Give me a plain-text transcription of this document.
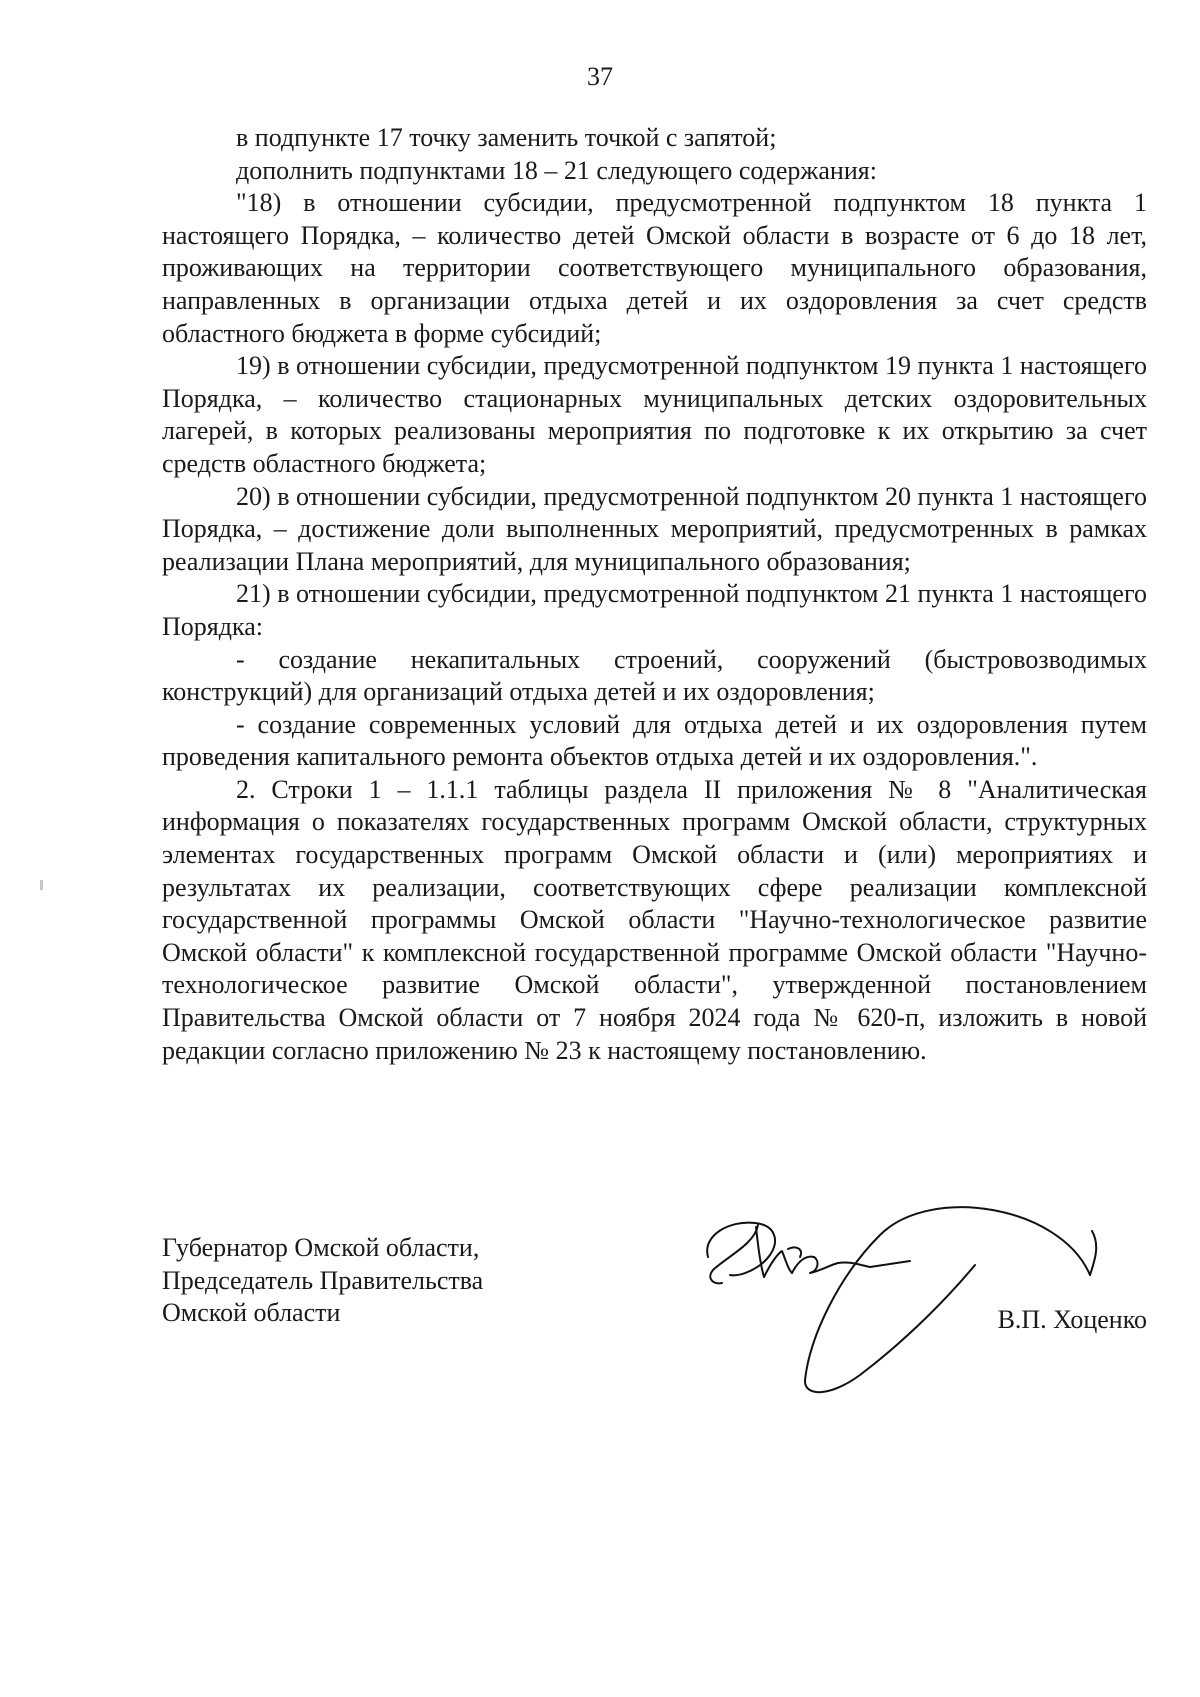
37

в подпункте 17 точку заменить точкой с запятой;

дополнить подпунктами 18 – 21 следующего содержания:

"18) в отношении субсидии, предусмотренной подпунктом 18 пункта 1 настоящего Порядка, – количество детей Омской области в возрасте от 6 до 18 лет, проживающих на территории соответствующего муниципального образования, направленных в организации отдыха детей и их оздоровления за счет средств областного бюджета в форме субсидий;

19) в отношении субсидии, предусмотренной подпунктом 19 пункта 1 настоящего Порядка, – количество стационарных муниципальных детских оздоровительных лагерей, в которых реализованы мероприятия по подготовке к их открытию за счет средств областного бюджета;

20) в отношении субсидии, предусмотренной подпунктом 20 пункта 1 настоящего Порядка, – достижение доли выполненных мероприятий, предусмотренных в рамках реализации Плана мероприятий, для муниципального образования;

21) в отношении субсидии, предусмотренной подпунктом 21 пункта 1 настоящего Порядка:

- создание некапитальных строений, сооружений (быстровозводимых конструкций) для организаций отдыха детей и их оздоровления;

- создание современных условий для отдыха детей и их оздоровления путем проведения капитального ремонта объектов отдыха детей и их оздоровления.".

2. Строки 1 – 1.1.1 таблицы раздела II приложения № 8 "Аналитическая информация о показателях государственных программ Омской области, структурных элементах государственных программ Омской области и (или) мероприятиях и результатах их реализации, соответствующих сфере реализации комплексной государственной программы Омской области "Научно-технологическое развитие Омской области" к комплексной государственной программе Омской области "Научно-технологическое развитие Омской области", утвержденной постановлением Правительства Омской области от 7 ноября 2024 года № 620-п, изложить в новой редакции согласно приложению № 23 к настоящему постановлению.

Губернатор Омской области,
Председатель Правительства
Омской области	В.П. Хоценко
